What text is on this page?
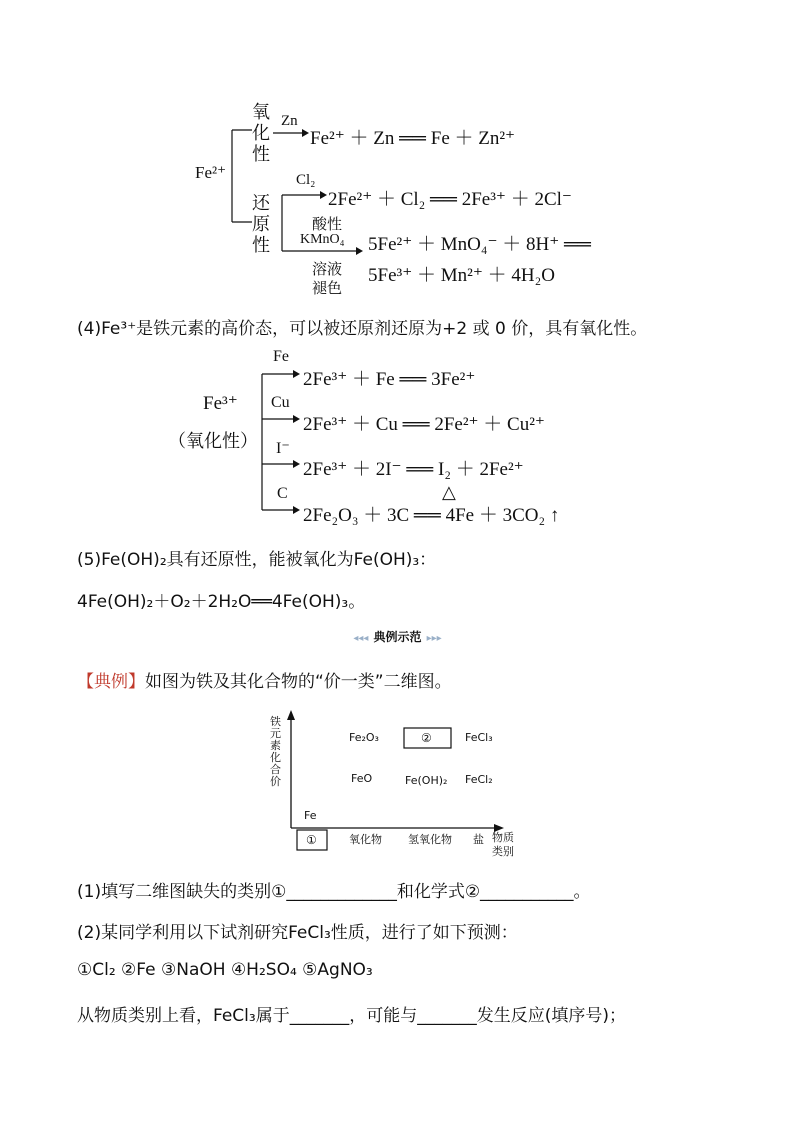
Fe²⁺
氧
化
性
还
原
性
Zn
Fe²⁺ ＋ Zn ══ Fe ＋ Zn²⁺
Cl₂
2Fe²⁺ ＋ Cl₂ ══ 2Fe³⁺ ＋ 2Cl⁻
酸性
KMnO₄
溶液
褪色
5Fe²⁺ ＋ MnO₄⁻ ＋ 8H⁺ ══
5Fe³⁺ ＋ Mn²⁺ ＋ 4H₂O
(4)Fe³⁺是铁元素的高价态，可以被还原剂还原为+2 或 0 价，具有氧化性。
Fe³⁺
（氧化性）
Fe
2Fe³⁺ ＋ Fe ══ 3Fe²⁺
Cu
2Fe³⁺ ＋ Cu ══ 2Fe²⁺ ＋ Cu²⁺
I⁻
2Fe³⁺ ＋ 2I⁻ ══ I₂ ＋ 2Fe²⁺
C
2Fe₂O₃ ＋ 3C ══ 4Fe ＋ 3CO₂ ↑
△
(5)Fe(OH)₂具有还原性，能被氧化为Fe(OH)₃：
4Fe(OH)₂＋O₂＋2H₂O══4Fe(OH)₃。
◂◂◂ 典例示范 ▸▸▸
【典例】如图为铁及其化合物的“价一类”二维图。
铁元素化合价
Fe₂O₃	②	FeCl₃
FeO	Fe(OH)₂ FeCl₂
Fe
①	氧化物 氢氧化物 盐 物质
类别
(1)填写二维图缺失的类别①_____________和化学式②___________。
(2)某同学利用以下试剂研究FeCl₃性质，进行了如下预测：
①Cl₂ ②Fe ③NaOH ④H₂SO₄ ⑤AgNO₃
从物质类别上看，FeCl₃属于_______，可能与_______发生反应(填序号)；
